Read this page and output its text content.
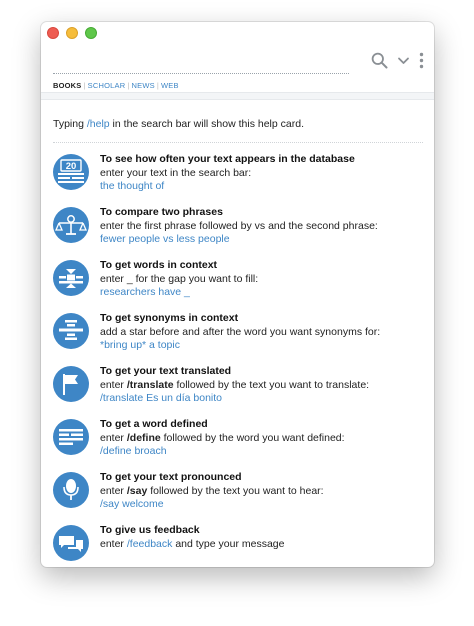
BOOKS | SCHOLAR | NEWS | WEB
Typing /help in the search bar will show this help card.
20
To see how often your text appears in the database
enter your text in the search bar:
the thought of
To compare two phrases
enter the first phrase followed by vs and the second phrase:
fewer people vs less people
To get words in context
enter _ for the gap you want to fill:
researchers have _
To get synonyms in context
add a star before and after the word you want synonyms for:
*bring up* a topic
To get your text translated
enter /translate followed by the text you want to translate:
/translate Es un día bonito
To get a word defined
enter /define followed by the word you want defined:
/define broach
To get your text pronounced
enter /say followed by the text you want to hear:
/say welcome
To give us feedback
enter /feedback and type your message
